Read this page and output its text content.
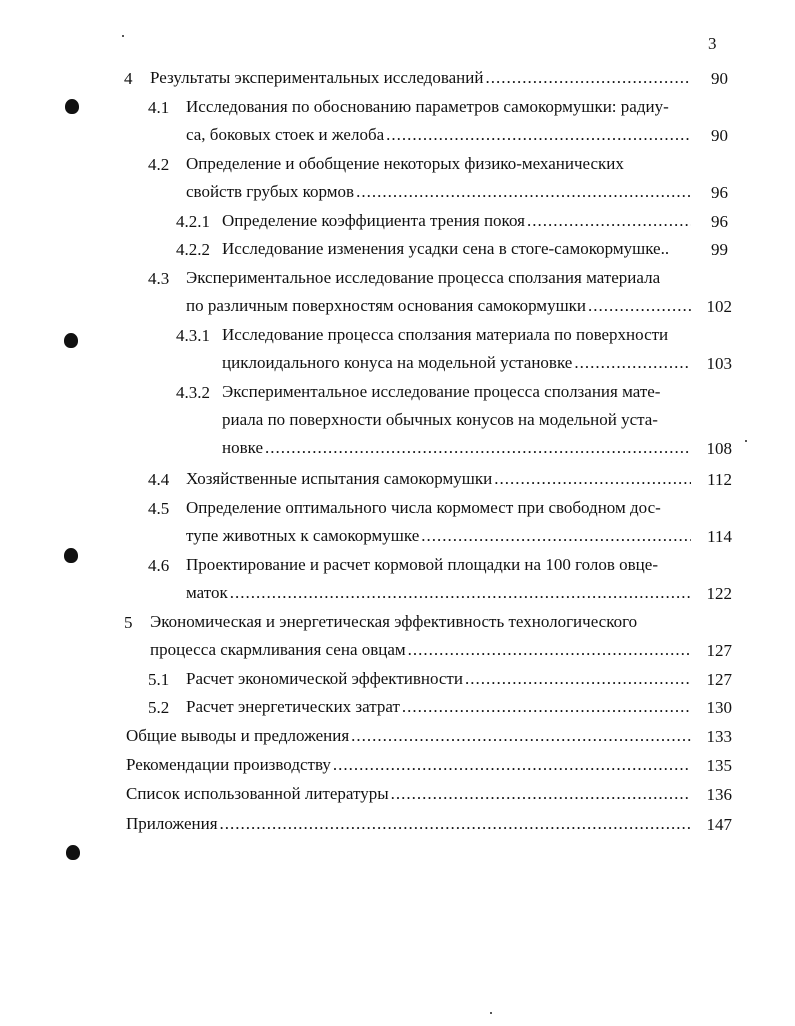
3
4 Результаты экспериментальных исследований .....	90
4.1 Исследования по обоснованию параметров самокормушки: радиу-
са, боковых стоек и желоба .....	90
4.2 Определение и обобщение некоторых физико-механических
свойств грубых кормов .....	96
4.2.1 Определение коэффициента трения покоя .....	96
4.2.2 Исследование изменения усадки сена в стоге-самокормушке..	99
4.3 Экспериментальное исследование процесса сползания материала
по различным поверхностям основания самокормушки .....	102
4.3.1 Исследование процесса сползания материала по поверхности
циклоидального конуса на модельной установке .....	103
4.3.2 Экспериментальное исследование процесса сползания мате-
риала по поверхности обычных конусов на модельной уста-
новке .....	108
4.4 Хозяйственные испытания самокормушки .....	112
4.5 Определение оптимального числа кормомест при свободном дос-
тупе животных к самокормушке .....	114
4.6 Проектирование и расчет кормовой площадки на 100 голов овце-
маток .....	122
5 Экономическая и энергетическая эффективность технологического
процесса скармливания сена овцам .....	127
5.1 Расчет экономической эффективности .....	127
5.2 Расчет энергетических затрат .....	130
Общие выводы и предложения .....	133
Рекомендации производству .....	135
Список использованной литературы .....	136
Приложения .....	147
